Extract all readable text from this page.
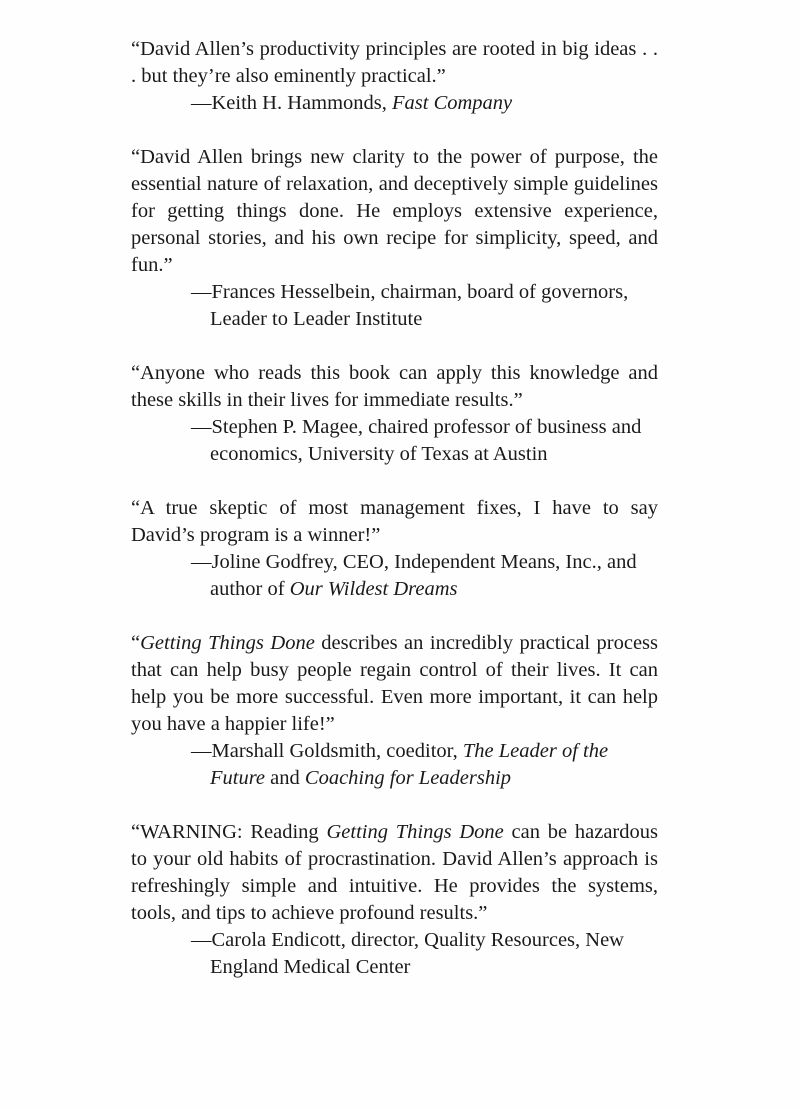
“David Allen’s productivity principles are rooted in big ideas . . . but they’re also eminently practical.”

—Keith H. Hammonds, Fast Company

“David Allen brings new clarity to the power of purpose, the essential nature of relaxation, and deceptively simple guidelines for getting things done. He employs extensive experience, personal stories, and his own recipe for simplicity, speed, and fun.”

—Frances Hesselbein, chairman, board of governors, Leader to Leader Institute

“Anyone who reads this book can apply this knowledge and these skills in their lives for immediate results.”

—Stephen P. Magee, chaired professor of business and economics, University of Texas at Austin

“A true skeptic of most management fixes, I have to say David’s program is a winner!”

—Joline Godfrey, CEO, Independent Means, Inc., and author of Our Wildest Dreams

“Getting Things Done describes an incredibly practical process that can help busy people regain control of their lives. It can help you be more successful. Even more important, it can help you have a happier life!”

—Marshall Goldsmith, coeditor, The Leader of the Future and Coaching for Leadership

“WARNING: Reading Getting Things Done can be hazardous to your old habits of procrastination. David Allen’s approach is refreshingly simple and intuitive. He provides the systems, tools, and tips to achieve profound results.”

—Carola Endicott, director, Quality Resources, New England Medical Center
